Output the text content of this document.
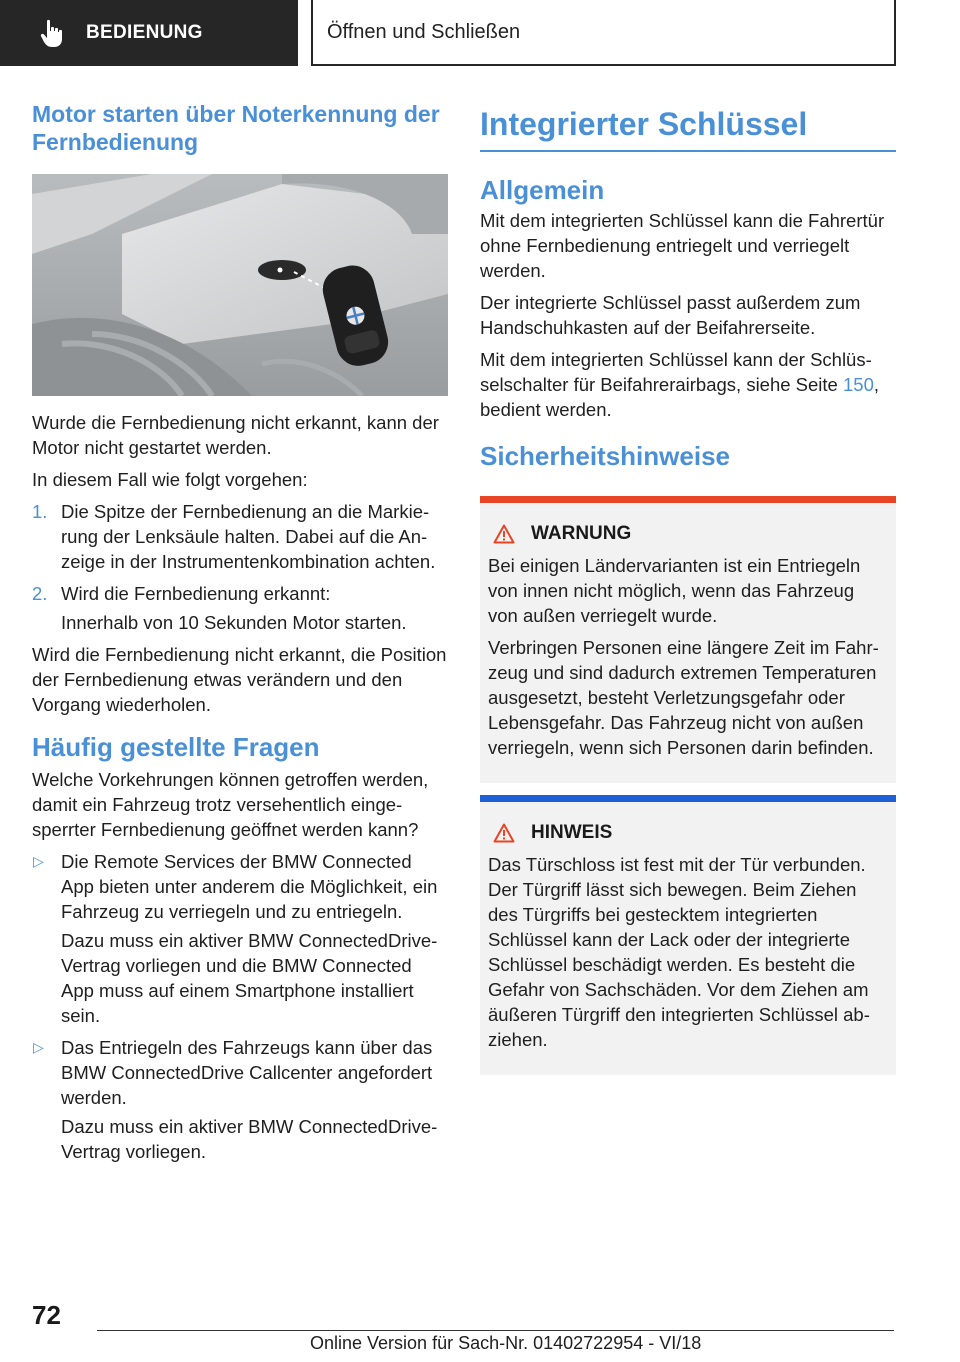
BEDIENUNG	Öffnen und Schließen
Motor starten über Noterkennung der Fernbedienung

Wurde die Fernbedienung nicht erkannt, kann der Motor nicht gestartet werden.

In diesem Fall wie folgt vorgehen:

1. Die Spitze der Fernbedienung an die Markierung der Lenksäule halten. Dabei auf die Anzeige in der Instrumentenkombination achten.
2. Wird die Fernbedienung erkannt:

Innerhalb von 10 Sekunden Motor starten.

Wird die Fernbedienung nicht erkannt, die Position der Fernbedienung etwas verändern und den Vorgang wiederholen.

Häufig gestellte Fragen

Welche Vorkehrungen können getroffen werden, damit ein Fahrzeug trotz versehentlich eingesperrter Fernbedienung geöffnet werden kann?

▷ Die Remote Services der BMW Connected App bieten unter anderem die Möglichkeit, ein Fahrzeug zu verriegeln und zu entriegeln.

Dazu muss ein aktiver BMW ConnectedDrive-Vertrag vorliegen und die BMW Connected App muss auf einem Smartphone installiert sein.

▷ Das Entriegeln des Fahrzeugs kann über das BMW ConnectedDrive Callcenter angefordert werden.

Dazu muss ein aktiver BMW ConnectedDrive-Vertrag vorliegen.

Integrierter Schlüssel
Allgemein

Mit dem integrierten Schlüssel kann die Fahrertür ohne Fernbedienung entriegelt und verriegelt werden.

Der integrierte Schlüssel passt außerdem zum Handschuhkasten auf der Beifahrerseite.

Mit dem integrierten Schlüssel kann der Schlüsselschalter für Beifahrerairbags, siehe Seite 150, bedient werden.

Sicherheitshinweise
WARNUNG

Bei einigen Ländervarianten ist ein Entriegeln von innen nicht möglich, wenn das Fahrzeug von außen verriegelt wurde.

Verbringen Personen eine längere Zeit im Fahrzeug und sind dadurch extremen Temperaturen ausgesetzt, besteht Verletzungsgefahr oder Lebensgefahr. Das Fahrzeug nicht von außen verriegeln, wenn sich Personen darin befinden.

HINWEIS

Das Türschloss ist fest mit der Tür verbunden. Der Türgriff lässt sich bewegen. Beim Ziehen des Türgriffs bei gestecktem integrierten Schlüssel kann der Lack oder der integrierte Schlüssel beschädigt werden. Es besteht die Gefahr von Sachschäden. Vor dem Ziehen am äußeren Türgriff den integrierten Schlüssel abziehen.

72
Online Version für Sach-Nr. 01402722954 - VI/18
